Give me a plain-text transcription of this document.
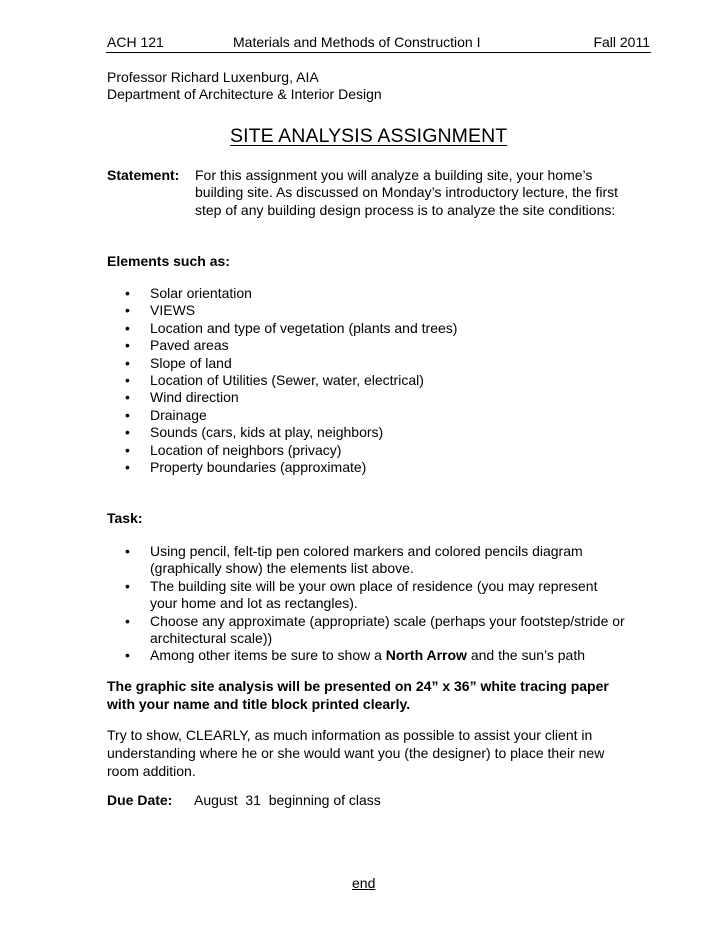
ACH 121	Materials and Methods of Construction I	Fall 2011
Professor Richard Luxenburg, AIA
Department of Architecture & Interior Design
SITE ANALYSIS ASSIGNMENT
Statement: For this assignment you will analyze a building site, your home’s building site. As discussed on Monday’s introductory lecture, the first step of any building design process is to analyze the site conditions:
Elements such as:
• Solar orientation
• VIEWS
• Location and type of vegetation (plants and trees)
• Paved areas
• Slope of land
• Location of Utilities (Sewer, water, electrical)
• Wind direction
• Drainage
• Sounds (cars, kids at play, neighbors)
• Location of neighbors (privacy)
• Property boundaries (approximate)
Task:
• Using pencil, felt-tip pen colored markers and colored pencils diagram (graphically show) the elements list above.
• The building site will be your own place of residence (you may represent your home and lot as rectangles).
• Choose any approximate (appropriate) scale (perhaps your footstep/stride or architectural scale))
• Among other items be sure to show a North Arrow and the sun’s path
The graphic site analysis will be presented on 24” x 36” white tracing paper with your name and title block printed clearly.
Try to show, CLEARLY, as much information as possible to assist your client in understanding where he or she would want you (the designer) to place their new room addition.
Due Date: August  31  beginning of class
end
